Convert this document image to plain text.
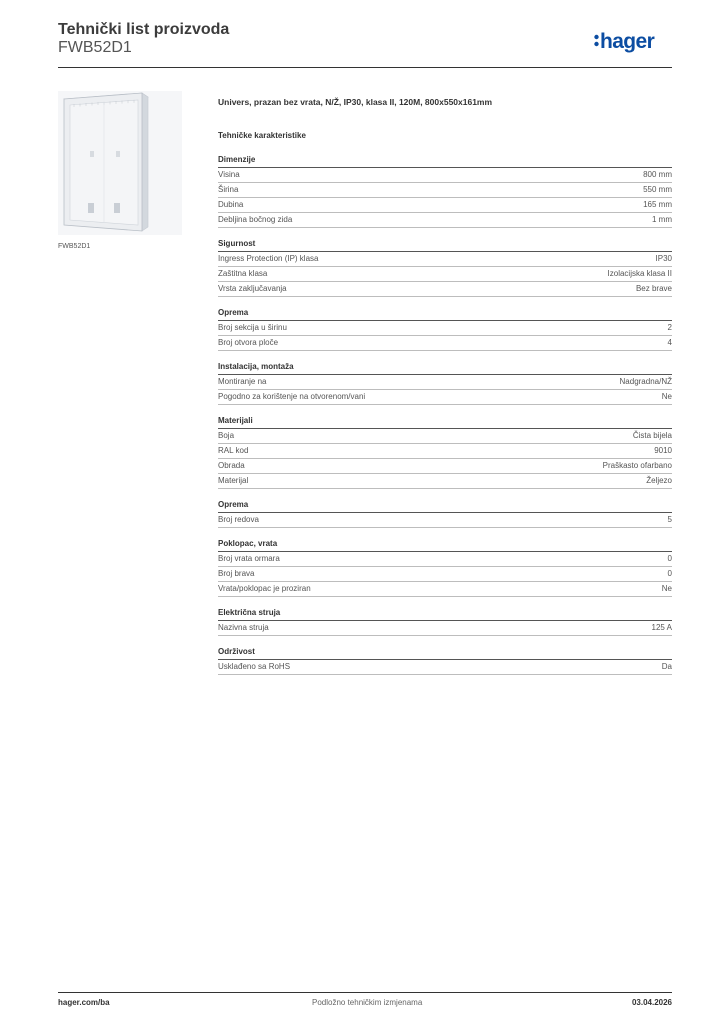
Tehnički list proizvoda
FWB52D1	hager
FWB52D1
Univers, prazan bez vrata, N/Ž, IP30, klasa II, 120M, 800x550x161mm
Tehničke karakteristike
Dimenzije
Visina	800 mm
Širina	550 mm
Dubina	165 mm
Debljina bočnog zida	1 mm
Sigurnost
Ingress Protection (IP) klasa	IP30
Zaštitna klasa	Izolacijska klasa II
Vrsta zaključavanja	Bez brave
Oprema
Broj sekcija u širinu	2
Broj otvora ploče	4
Instalacija, montaža
Montiranje na	Nadgradna/NŽ
Pogodno za korištenje na otvorenom/vani	Ne
Materijali
Boja	Čista bijela
RAL kod	9010
Obrada	Praškasto ofarbano
Materijal	Željezo
Oprema
Broj redova	5
Poklopac, vrata
Broj vrata ormara	0
Broj brava	0
Vrata/poklopac je proziran	Ne
Električna struja
Nazivna struja	125 A
Održivost
Usklađeno sa RoHS	Da
hager.com/ba	Podložno tehničkim izmjenama	03.04.2026
